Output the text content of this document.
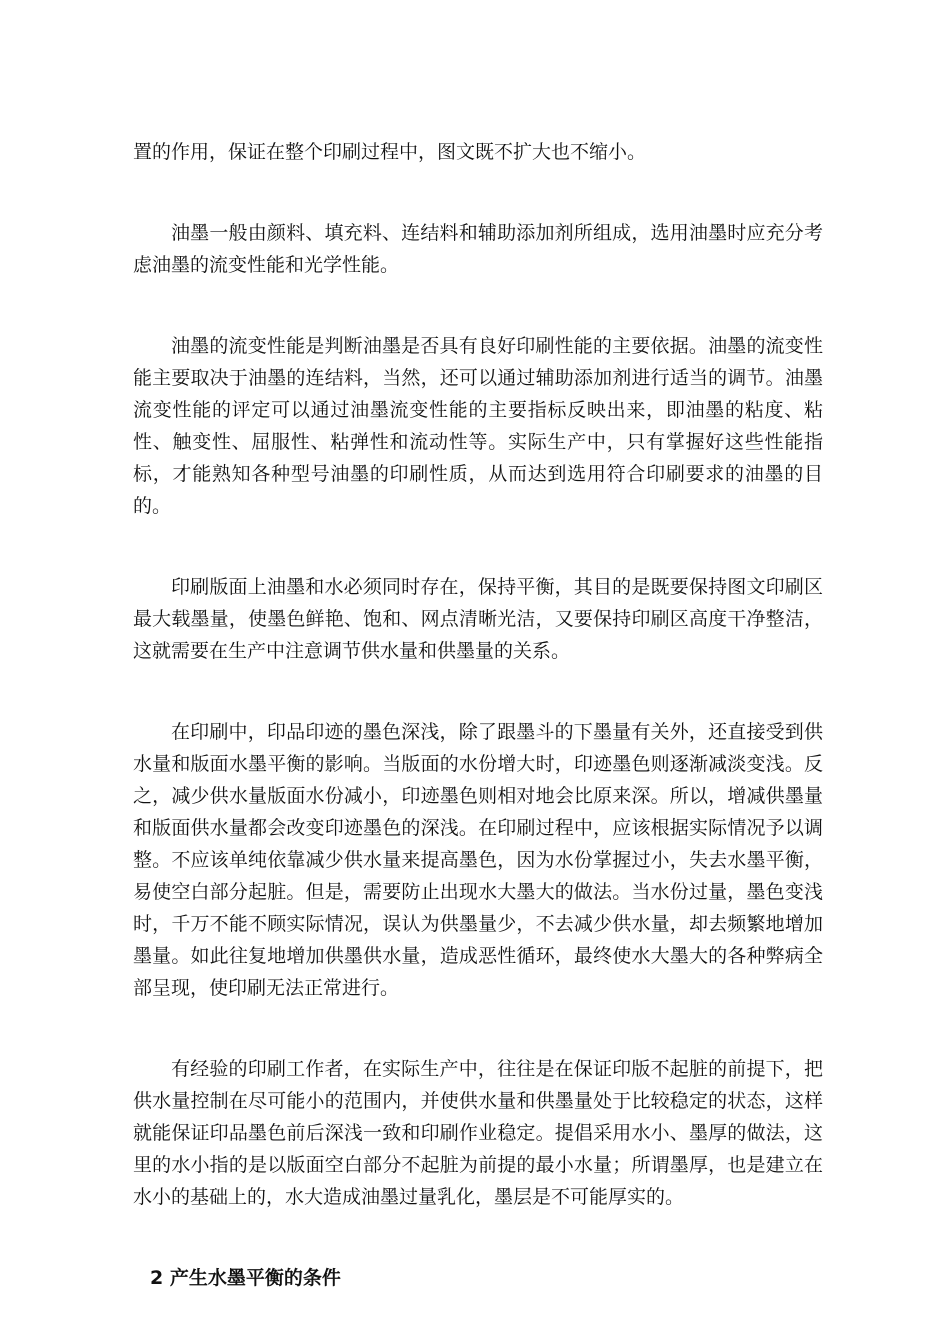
置的作用，保证在整个印刷过程中，图文既不扩大也不缩小。

油墨一般由颜料、填充料、连结料和辅助添加剂所组成，选用油墨时应充分考虑油墨的流变性能和光学性能。

油墨的流变性能是判断油墨是否具有良好印刷性能的主要依据。油墨的流变性能主要取决于油墨的连结料，当然，还可以通过辅助添加剂进行适当的调节。油墨流变性能的评定可以通过油墨流变性能的主要指标反映出来，即油墨的粘度、粘性、触变性、屈服性、粘弹性和流动性等。实际生产中，只有掌握好这些性能指标，才能熟知各种型号油墨的印刷性质，从而达到选用符合印刷要求的油墨的目的。

印刷版面上油墨和水必须同时存在，保持平衡，其目的是既要保持图文印刷区最大载墨量，使墨色鲜艳、饱和、网点清晰光洁，又要保持印刷区高度干净整洁，这就需要在生产中注意调节供水量和供墨量的关系。

在印刷中，印品印迹的墨色深浅，除了跟墨斗的下墨量有关外，还直接受到供水量和版面水墨平衡的影响。当版面的水份增大时，印迹墨色则逐渐减淡变浅。反之，减少供水量版面水份减小，印迹墨色则相对地会比原来深。所以，增减供墨量和版面供水量都会改变印迹墨色的深浅。在印刷过程中，应该根据实际情况予以调整。不应该单纯依靠减少供水量来提高墨色，因为水份掌握过小，失去水墨平衡，易使空白部分起脏。但是，需要防止出现水大墨大的做法。当水份过量，墨色变浅时，千万不能不顾实际情况，误认为供墨量少，不去减少供水量，却去频繁地增加墨量。如此往复地增加供墨供水量，造成恶性循环，最终使水大墨大的各种弊病全部呈现，使印刷无法正常进行。

有经验的印刷工作者，在实际生产中，往往是在保证印版不起脏的前提下，把供水量控制在尽可能小的范围内，并使供水量和供墨量处于比较稳定的状态，这样就能保证印品墨色前后深浅一致和印刷作业稳定。提倡采用水小、墨厚的做法，这里的水小指的是以版面空白部分不起脏为前提的最小水量；所谓墨厚，也是建立在水小的基础上的，水大造成油墨过量乳化，墨层是不可能厚实的。

2 产生水墨平衡的条件
